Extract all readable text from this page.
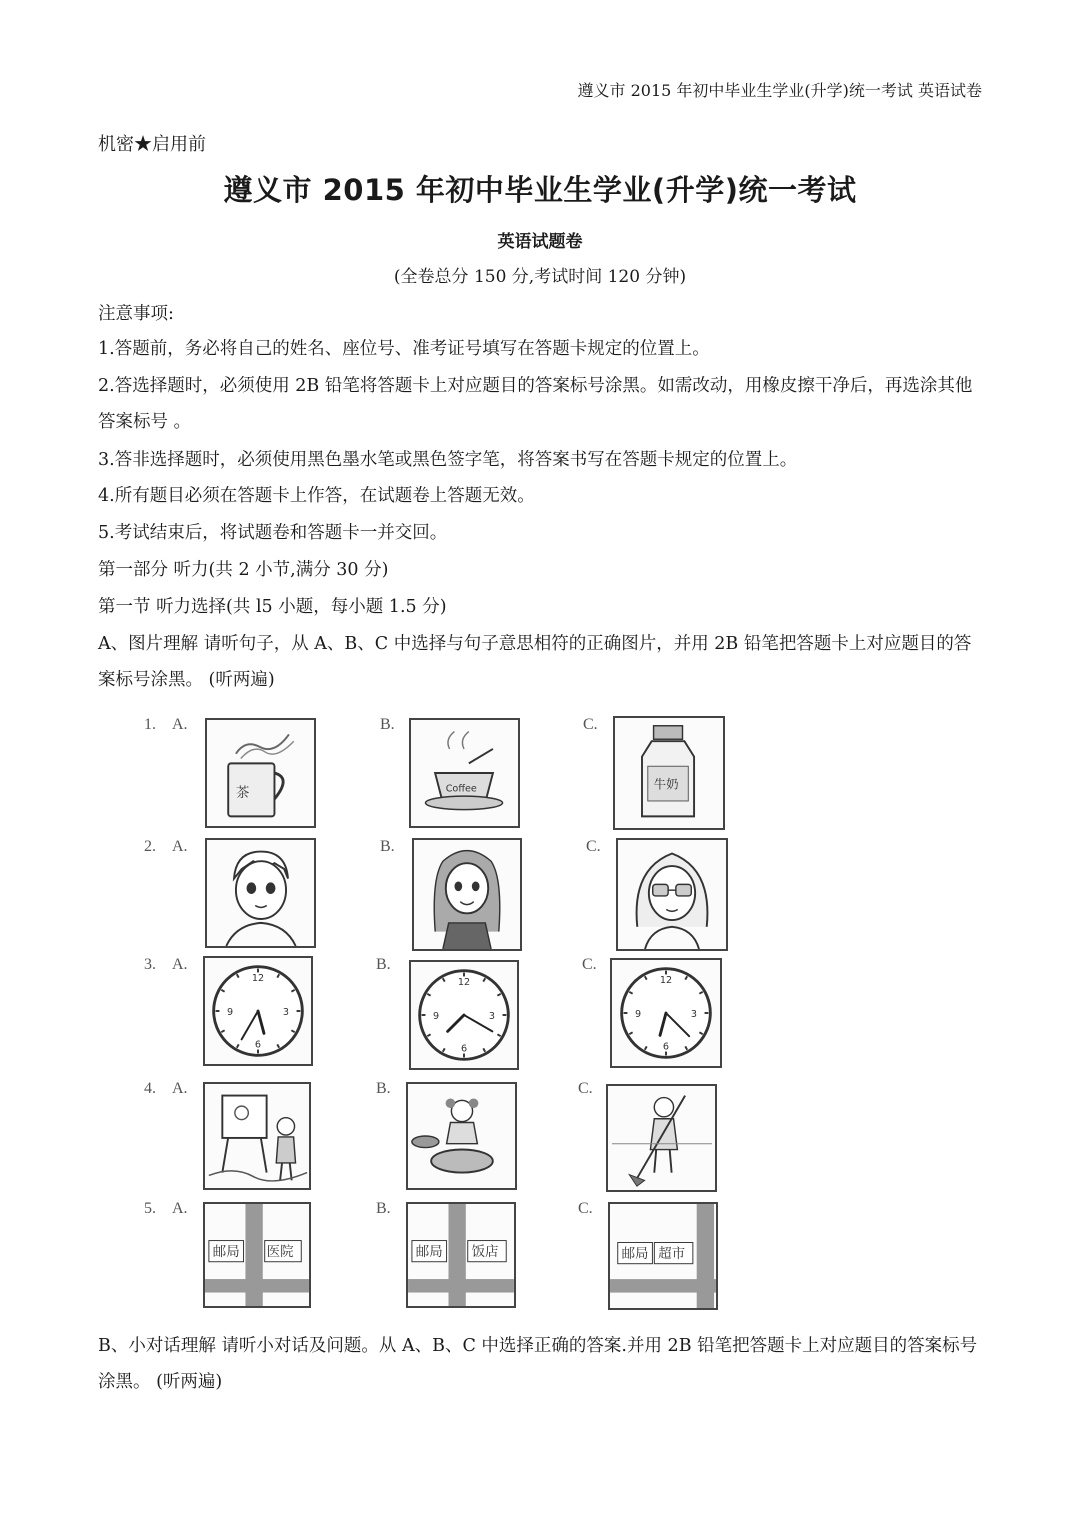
遵义市 2015 年初中毕业生学业(升学)统一考试 英语试卷
机密★启用前
遵义市 2015 年初中毕业生学业(升学)统一考试
英语试题卷
(全卷总分 150 分,考试时间 120 分钟)
注意事项:
1.答题前，务必将自己的姓名、座位号、准考证号填写在答题卡规定的位置上。
2.答选择题时，必须使用 2B 铅笔将答题卡上对应题目的答案标号涂黑。如需改动，用橡皮擦干净后，再选涂其他答案标号 。
3.答非选择题时，必须使用黑色墨水笔或黑色签字笔，将答案书写在答题卡规定的位置上。
4.所有题目必须在答题卡上作答，在试题卷上答题无效。
5.考试结束后，将试题卷和答题卡一并交回。
第一部分 听力(共 2 小节,满分 30 分)
第一节 听力选择(共 l5 小题，每小题 1.5 分)
A、图片理解 请听句子，从 A、B、C 中选择与句子意思相符的正确图片，并用 2B 铅笔把答题卡上对应题目的答案标号涂黑。 (听两遍)
1. A.
茶
B.
Coffee
C.
牛奶
2. A.	B.	C.
3. A.
12
3
6
9
B.
12
3
6
9
C.
12
3
6
9
4. A.	B.	C.
5. A.
邮局 医院
B.
邮局 饭店
C.
邮局 超市
B、小对话理解 请听小对话及问题。从 A、B、C 中选择正确的答案.并用 2B 铅笔把答题卡上对应题目的答案标号涂黑。 (听两遍)
